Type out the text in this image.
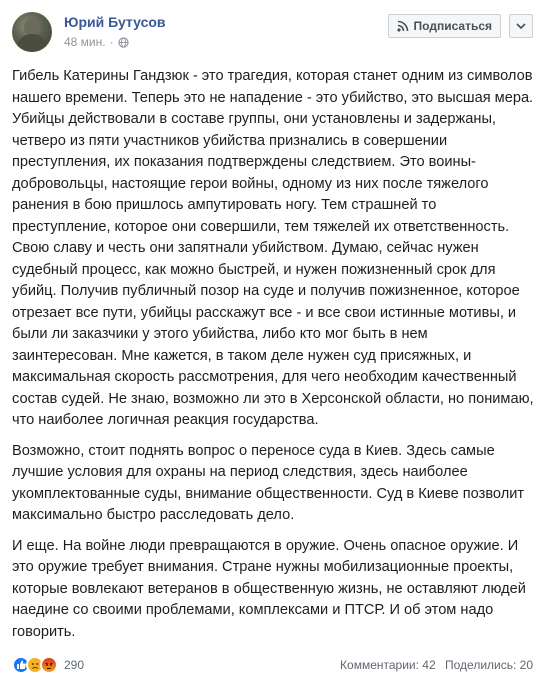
Юрий Бутусов
48 мин. ·
Подписаться

Гибель Катерины Гандзюк - это трагедия, которая станет одним из символов нашего времени. Теперь это не нападение - это убийство, это высшая мера. Убийцы действовали в составе группы, они установлены и задержаны, четверо из пяти участников убийства признались в совершении преступления, их показания подтверждены следствием. Это воины-добровольцы, настоящие герои войны, одному из них после тяжелого ранения в бою пришлось ампутировать ногу. Тем страшней то преступление, которое они совершили, тем тяжелей их ответственность. Свою славу и честь они запятнали убийством. Думаю, сейчас нужен судебный процесс, как можно быстрей, и нужен пожизненный срок для убийц. Получив публичный позор на суде и получив пожизненное, которое отрезает все пути, убийцы расскажут все - и все свои истинные мотивы, и были ли заказчики у этого убийства, либо кто мог быть в нем заинтересован. Мне кажется, в таком деле нужен суд присяжных, и максимальная скорость рассмотрения, для чего необходим качественный состав судей. Не знаю, возможно ли это в Херсонской области, но понимаю, что наиболее логичная реакция государства.

Возможно, стоит поднять вопрос о переносе суда в Киев. Здесь самые лучшие условия для охраны на период следствия, здесь наиболее укомплектованные суды, внимание общественности. Суд в Киеве позволит максимально быстро расследовать дело.

И еще. На войне люди превращаются в оружие. Очень опасное оружие. И это оружие требует внимания. Стране нужны мобилизационные проекты, которые вовлекают ветеранов в общественную жизнь, не оставляют людей наедине со своими проблемами, комплексами и ПТСР. И об этом надо говорить.

290	Комментарии: 42 Поделились: 20
